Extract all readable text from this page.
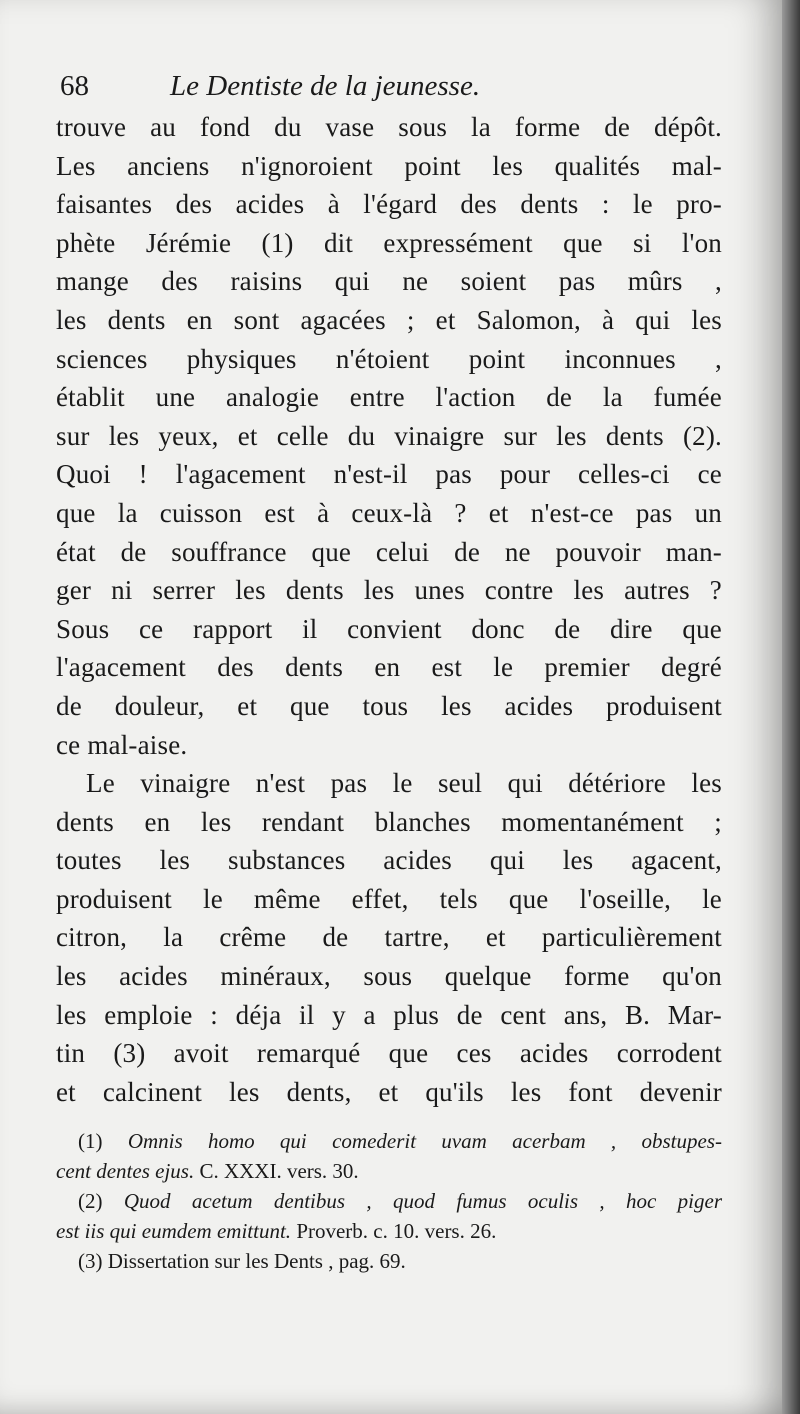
68	Le Dentiste de la jeunesse.
trouve au fond du vase sous la forme de dépôt.
Les anciens n'ignoroient point les qualités mal-
faisantes des acides à l'égard des dents : le pro-
phète Jérémie (1) dit expressément que si l'on
mange des raisins qui ne soient pas mûrs ,
les dents en sont agacées ; et Salomon, à qui les
sciences physiques n'étoient point inconnues ,
établit une analogie entre l'action de la fumée
sur les yeux, et celle du vinaigre sur les dents (2).
Quoi ! l'agacement n'est-il pas pour celles-ci ce
que la cuisson est à ceux-là ? et n'est-ce pas un
état de souffrance que celui de ne pouvoir man-
ger ni serrer les dents les unes contre les autres ?
Sous ce rapport il convient donc de dire que
l'agacement des dents en est le premier degré
de douleur, et que tous les acides produisent
ce mal-aise.
Le vinaigre n'est pas le seul qui détériore les
dents en les rendant blanches momentanément ;
toutes les substances acides qui les agacent,
produisent le même effet, tels que l'oseille, le
citron, la crême de tartre, et particulièrement
les acides minéraux, sous quelque forme qu'on
les emploie : déja il y a plus de cent ans, B. Mar-
tin (3) avoit remarqué que ces acides corrodent
et calcinent les dents, et qu'ils les font devenir
(1) Omnis homo qui comederit uvam acerbam , obstupes-
cent dentes ejus. C. XXXI. vers. 30.
(2) Quod acetum dentibus , quod fumus oculis , hoc piger
est iis qui eumdem emittunt. Proverb. c. 10. vers. 26.
(3) Dissertation sur les Dents , pag. 69.
